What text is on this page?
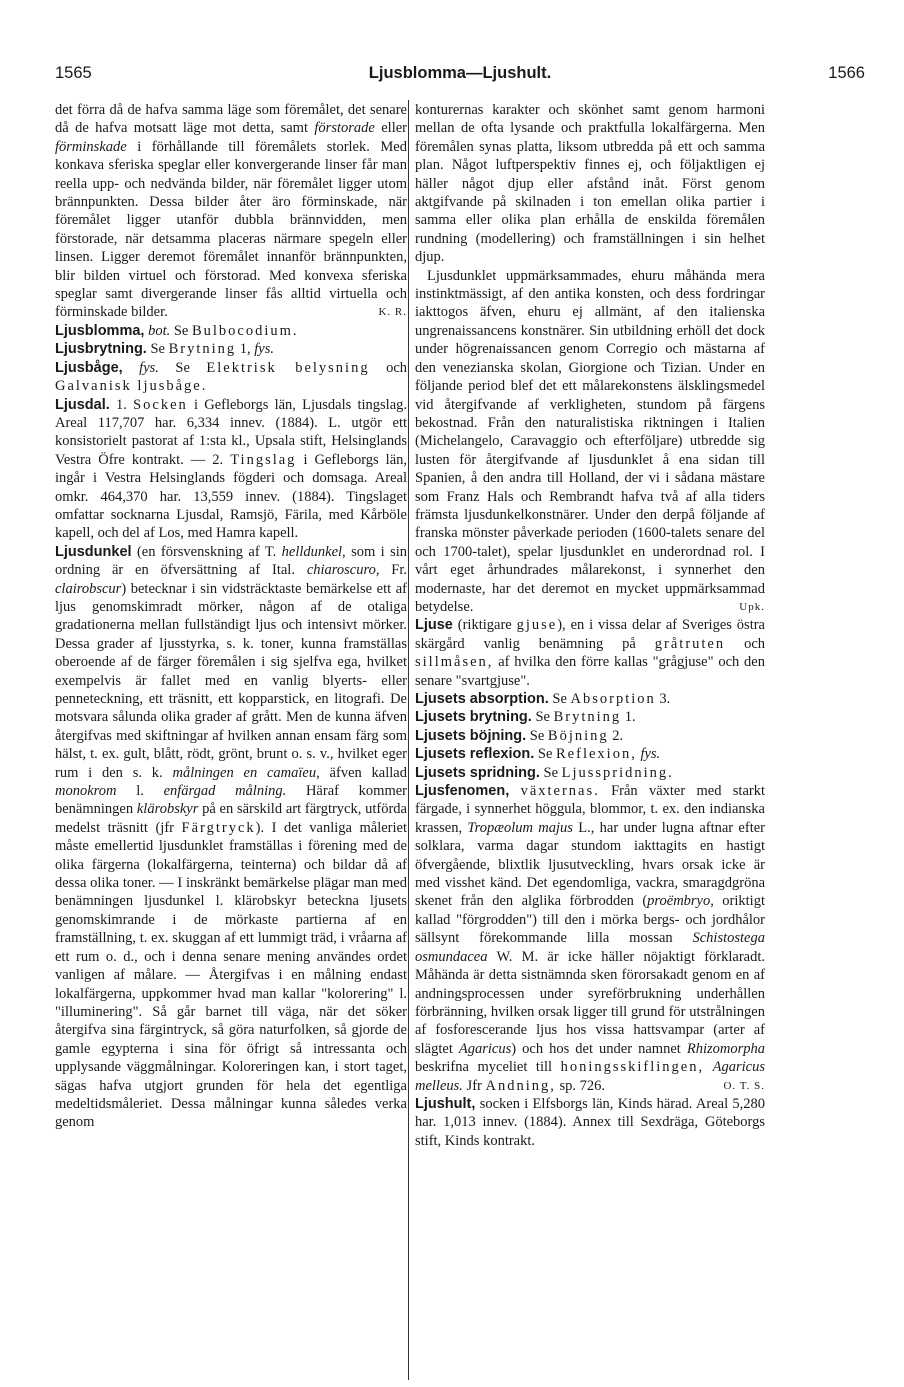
1565	Ljusblomma—Ljushult.	1566

det förra då de hafva samma läge som föremålet, det senare då de hafva motsatt läge mot detta, samt förstorade eller förminskade i förhållande till föremålets storlek. Med konkava sferiska speglar eller konvergerande linser får man reella upp- och nedvända bilder, när föremålet ligger utom brännpunkten. Dessa bilder åter äro förminskade, när föremålet ligger utanför dubbla brännvidden, men förstorade, när detsamma placeras närmare spegeln eller linsen. Ligger deremot föremålet innanför brännpunkten, blir bilden virtuel och förstorad. Med konvexa sferiska speglar samt divergerande linser fås alltid virtuella och förminskade bilder.	K. R.

Ljusblomma, bot. Se Bulbocodium.

Ljusbrytning. Se Brytning 1, fys.

Ljusbåge, fys. Se Elektrisk belysning och Galvanisk ljusbåge.

Ljusdal. 1. Socken i Gefleborgs län, Ljusdals tingslag. Areal 117,707 har. 6,334 innev. (1884). L. utgör ett konsistorielt pastorat af 1:sta kl., Upsala stift, Helsinglands Vestra Öfre kontrakt. — 2. Tingslag i Gefleborgs län, ingår i Vestra Helsinglands fögderi och domsaga. Areal omkr. 464,370 har. 13,559 innev. (1884). Tingslaget omfattar socknarna Ljusdal, Ramsjö, Färila, med Kårböle kapell, och del af Los, med Hamra kapell.

Ljusdunkel (en försvenskning af T. helldunkel, som i sin ordning är en öfversättning af Ital. chiaroscuro, Fr. clairobscur) betecknar i sin vidsträcktaste bemärkelse ett af ljus genomskimradt mörker, någon af de otaliga gradationerna mellan fullständigt ljus och intensivt mörker. Dessa grader af ljusstyrka, s. k. toner, kunna framställas oberoende af de färger föremålen i sig sjelfva ega, hvilket exempelvis är fallet med en vanlig blyerts- eller penneteckning, ett träsnitt, ett kopparstick, en litografi. De motsvara sålunda olika grader af grått. Men de kunna äfven återgifvas med skiftningar af hvilken annan ensam färg som hälst, t. ex. gult, blått, rödt, grönt, brunt o. s. v., hvilket eger rum i den s. k. målningen en camaïeu, äfven kallad monokrom l. enfärgad målning. Häraf kommer benämningen klärobskyr på en särskild art färgtryck, utförda medelst träsnitt (jfr Färgtryck). I det vanliga måleriet måste emellertid ljusdunklet framställas i förening med de olika färgerna (lokalfärgerna, teinterna) och bildar då af dessa olika toner. — I inskränkt bemärkelse plägar man med benämningen ljusdunkel l. klärobskyr beteckna ljusets genomskimrande i de mörkaste partierna af en framställning, t. ex. skuggan af ett lummigt träd, i vråarna af ett rum o. d., och i denna senare mening användes ordet vanligen af målare. — Återgifvas i en målning endast lokalfärgerna, uppkommer hvad man kallar "kolorering" l. "illuminering". Så går barnet till väga, när det söker återgifva sina färgintryck, så göra naturfolken, så gjorde de gamle egypterna i sina för öfrigt så intressanta och upplysande väggmålningar. Koloreringen kan, i stort taget, sägas hafva utgjort grunden för hela det egentliga medeltidsmåleriet. Dessa målningar kunna således verka genom

konturernas karakter och skönhet samt genom harmoni mellan de ofta lysande och praktfulla lokalfärgerna. Men föremålen synas platta, liksom utbredda på ett och samma plan. Något luftperspektiv finnes ej, och följaktligen ej häller något djup eller afstånd inåt. Först genom aktgifvande på skilnaden i ton emellan olika partier i samma eller olika plan erhålla de enskilda föremålen rundning (modellering) och framställningen i sin helhet djup.

Ljusdunklet uppmärksammades, ehuru måhända mera instinktmässigt, af den antika konsten, och dess fordringar iakttogos äfven, ehuru ej allmänt, af den italienska ungrenaissancens konstnärer. Sin utbildning erhöll det dock under högrenaissancen genom Corregio och mästarna af den venezianska skolan, Giorgione och Tizian. Under en följande period blef det ett målarekonstens älsklingsmedel vid återgifvande af verkligheten, stundom på färgens bekostnad. Från den naturalistiska riktningen i Italien (Michelangelo, Caravaggio och efterföljare) utbredde sig lusten för återgifvande af ljusdunklet å ena sidan till Spanien, å den andra till Holland, der vi i sådana mästare som Franz Hals och Rembrandt hafva två af alla tiders främsta ljusdunkelkonstnärer. Under den derpå följande af franska mönster påverkade perioden (1600-talets senare del och 1700-talet), spelar ljusdunklet en underordnad rol. I vårt eget århundrades målarekonst, i synnerhet den modernaste, har det deremot en mycket uppmärksammad betydelse.	Upk.

Ljuse (riktigare gjuse), en i vissa delar af Sveriges östra skärgård vanlig benämning på gråtruten och sillmåsen, af hvilka den förre kallas "grågjuse" och den senare "svartgjuse".

Ljusets absorption. Se Absorption 3.

Ljusets brytning. Se Brytning 1.

Ljusets böjning. Se Böjning 2.

Ljusets reflexion. Se Reflexion, fys.

Ljusets spridning. Se Ljusspridning.

Ljusfenomen, växternas. Från växter med starkt färgade, i synnerhet höggula, blommor, t. ex. den indianska krassen, Tropæolum majus L., har under lugna aftnar efter solklara, varma dagar stundom iakttagits en hastigt öfvergående, blixtlik ljusutveckling, hvars orsak icke är med visshet känd. Det egendomliga, vackra, smaragdgröna skenet från den alglika förbrodden (proëmbryo, oriktigt kallad "förgrodden") till den i mörka bergs- och jordhålor sällsynt förekommande lilla mossan Schistostega osmundacea W. M. är icke häller nöjaktigt förklaradt. Måhända är detta sistnämnda sken förorsakadt genom en af andningsprocessen under syreförbrukning underhållen förbränning, hvilken orsak ligger till grund för utstrålningen af fosforescerande ljus hos vissa hattsvampar (arter af slägtet Agaricus) och hos det under namnet Rhizomorpha beskrifna myceliet till honingsskiflingen, Agaricus melleus. Jfr Andning, sp. 726.	O. T. S.

Ljushult, socken i Elfsborgs län, Kinds härad. Areal 5,280 har. 1,013 innev. (1884). Annex till Sexdräga, Göteborgs stift, Kinds kontrakt.
